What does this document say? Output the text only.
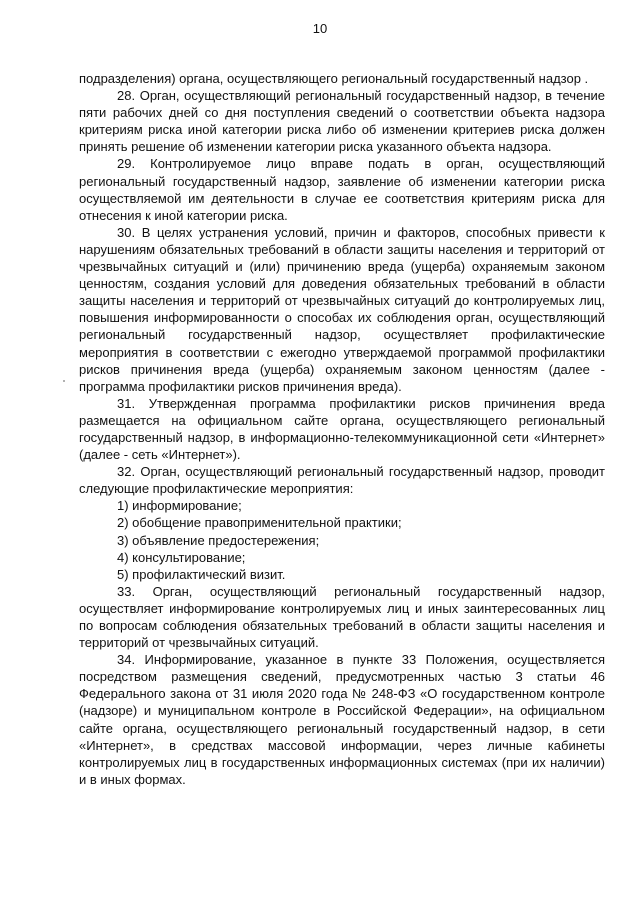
10

подразделения) органа, осуществляющего региональный государственный надзор .

28. Орган, осуществляющий региональный государственный надзор, в течение пяти рабочих дней со дня поступления сведений о соответствии объекта надзора критериям риска иной категории риска либо об изменении критериев риска должен принять решение об изменении категории риска указанного объекта надзора.

29. Контролируемое лицо вправе подать в орган, осуществляющий региональный государственный надзор, заявление об изменении категории риска осуществляемой им деятельности в случае ее соответствия критериям риска для отнесения к иной категории риска.

30. В целях устранения условий, причин и факторов, способных привести к нарушениям обязательных требований в области защиты населения и территорий от чрезвычайных ситуаций и (или) причинению вреда (ущерба) охраняемым законом ценностям, создания условий для доведения обязательных требований в области защиты населения и территорий от чрезвычайных ситуаций до контролируемых лиц, повышения информированности о способах их соблюдения орган, осуществляющий региональный государственный надзор, осуществляет профилактические мероприятия в соответствии с ежегодно утверждаемой программой профилактики рисков причинения вреда (ущерба) охраняемым законом ценностям (далее - программа профилактики рисков причинения вреда).

31. Утвержденная программа профилактики рисков причинения вреда размещается на официальном сайте органа, осуществляющего региональный государственный надзор, в информационно-телекоммуникационной сети «Интернет» (далее - сеть «Интернет»).

32. Орган, осуществляющий региональный государственный надзор, проводит следующие профилактические мероприятия:

1) информирование;

2) обобщение правоприменительной практики;

3) объявление предостережения;

4) консультирование;

5) профилактический визит.

33. Орган, осуществляющий региональный государственный надзор, осуществляет информирование контролируемых лиц и иных заинтересованных лиц по вопросам соблюдения обязательных требований в области защиты населения и территорий от чрезвычайных ситуаций.

34. Информирование, указанное в пункте 33 Положения, осуществляется посредством размещения сведений, предусмотренных частью 3 статьи 46 Федерального закона от 31 июля 2020 года № 248-ФЗ «О государственном контроле (надзоре) и муниципальном контроле в Российской Федерации», на официальном сайте органа, осуществляющего региональный государственный надзор, в сети «Интернет», в средствах массовой информации, через личные кабинеты контролируемых лиц в государственных информационных системах (при их наличии) и в иных формах.
